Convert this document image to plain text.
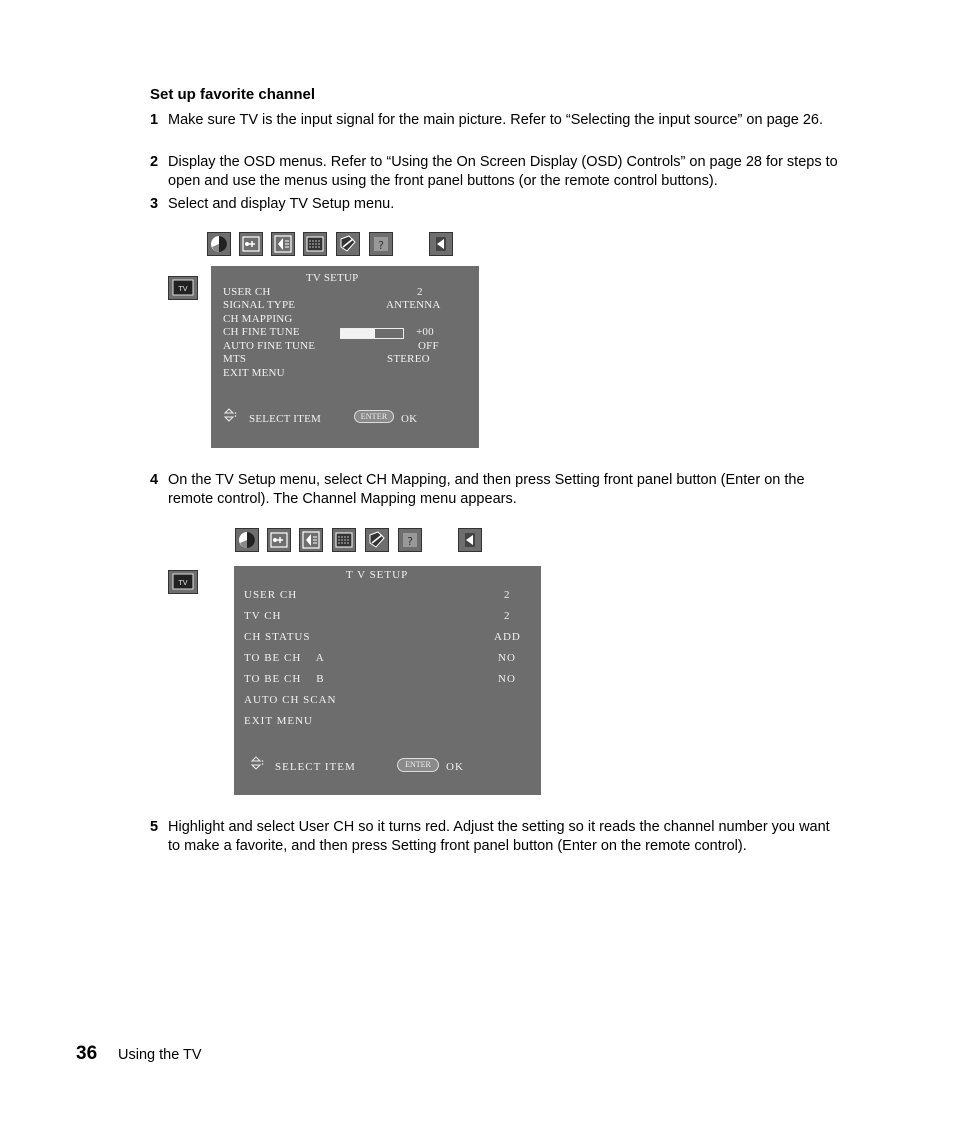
Set up favorite channel
1 Make sure TV is the input signal for the main picture. Refer to “Selecting the input source” on page 26.
2 Display the OSD menus. Refer to “Using the On Screen Display (OSD) Controls” on page 28 for steps to open and use the menus using the front panel buttons (or the remote control buttons).
3 Select and display TV Setup menu.
?
TV
TV SETUP
USER CH	2
SIGNAL TYPE	ANTENNA
CH MAPPING
CH FINE TUNE	+00
AUTO FINE TUNE	OFF
MTS	STEREO
EXIT MENU
SELECT ITEM	ENTER	OK
4 On the TV Setup menu, select CH Mapping, and then press Setting front panel button (Enter on the remote control). The Channel Mapping menu appears.
?
TV
T V SETUP
USER CH	2
TV CH	2
CH STATUS	ADD
TO BE CH    A	NO
TO BE CH    B	NO
AUTO CH SCAN
EXIT MENU
SELECT ITEM	ENTER	OK
5 Highlight and select User CH so it turns red. Adjust the setting so it reads the channel number you want to make a favorite, and then press Setting front panel button (Enter on the remote control).
36 Using the TV
